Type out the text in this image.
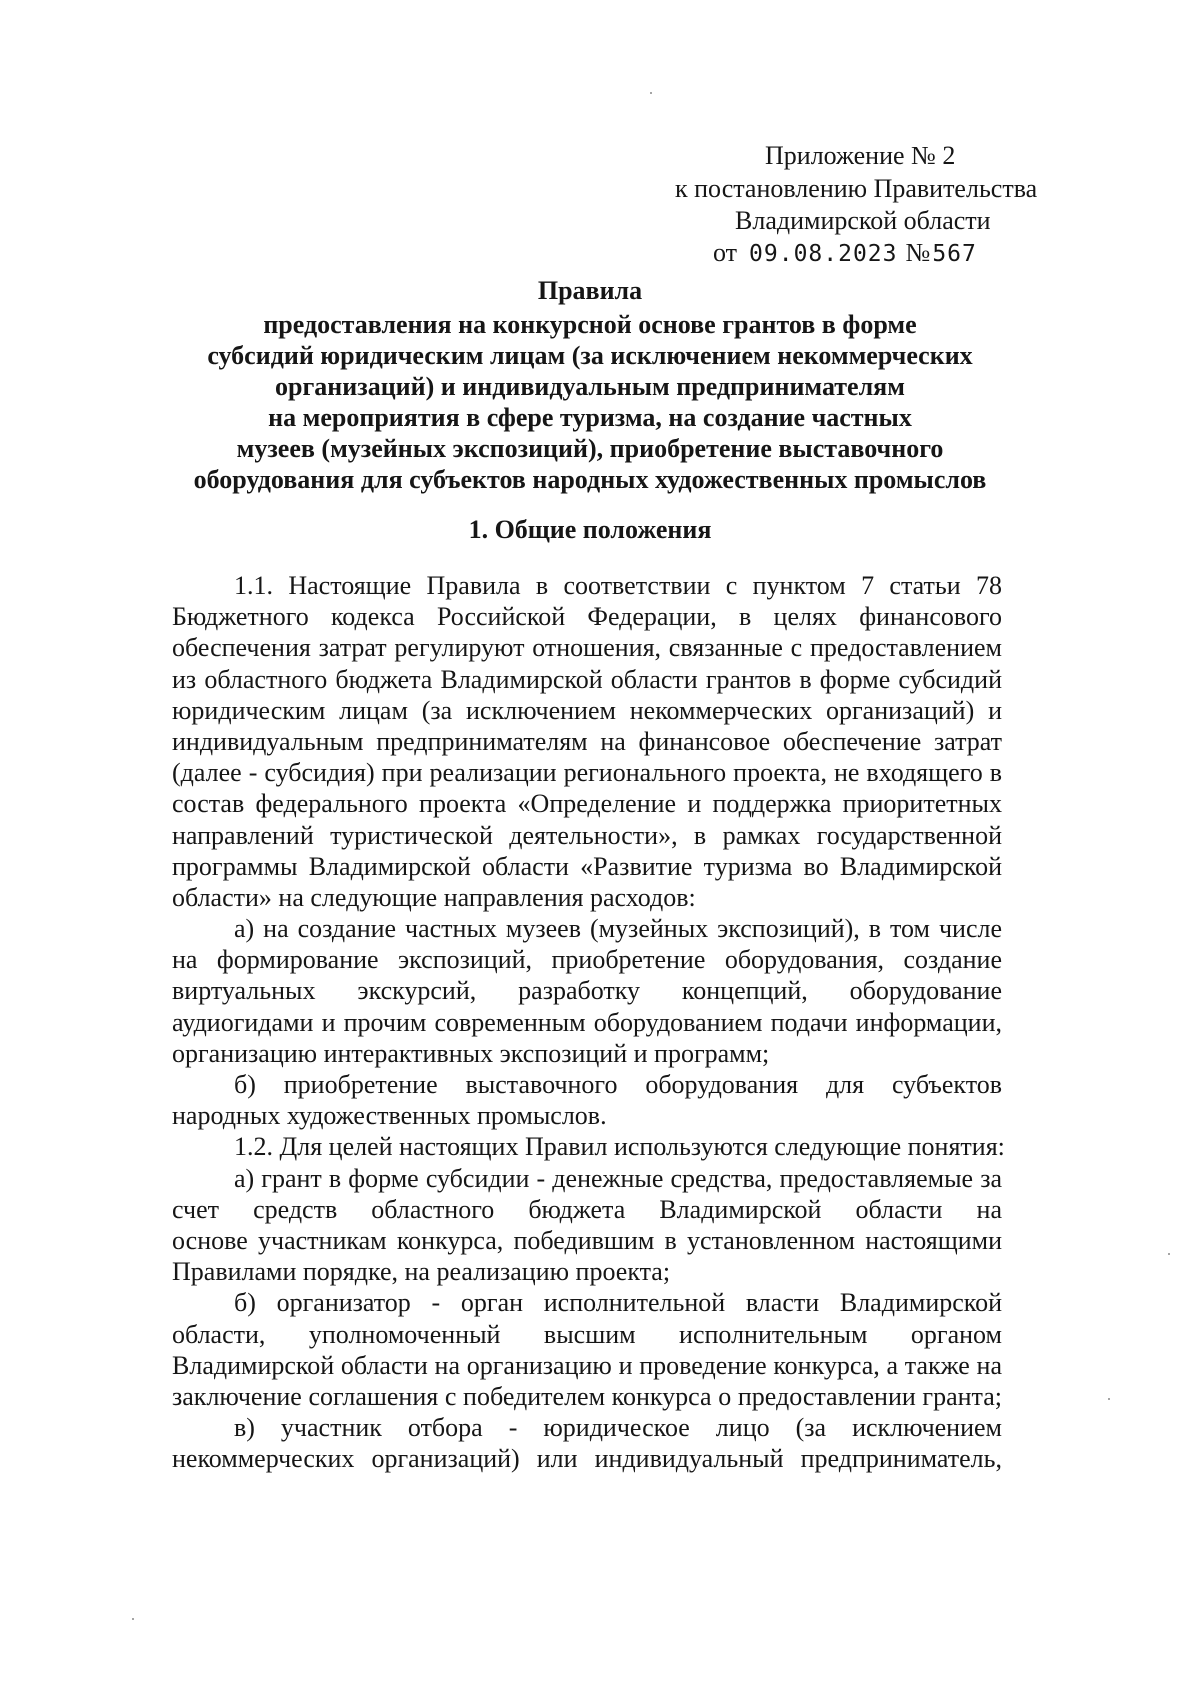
Приложение № 2
к постановлению Правительства
Владимирской области
от 09.08.2023 №567
Правила
предоставления на конкурсной основе грантов в форме
субсидий юридическим лицам (за исключением некоммерческих
организаций) и индивидуальным предпринимателям
на мероприятия в сфере туризма, на создание частных
музеев (музейных экспозиций), приобретение выставочного
оборудования для субъектов народных художественных промыслов
1. Общие положения
1.1. Настоящие Правила в соответствии с пунктом 7 статьи 78
Бюджетного кодекса Российской Федерации, в целях финансового
обеспечения затрат регулируют отношения, связанные с предоставлением
из областного бюджета Владимирской области грантов в форме субсидий
юридическим лицам (за исключением некоммерческих организаций) и
индивидуальным предпринимателям на финансовое обеспечение затрат
(далее - субсидия) при реализации регионального проекта, не входящего в
состав федерального проекта «Определение и поддержка приоритетных
направлений туристической деятельности», в рамках государственной
программы Владимирской области «Развитие туризма во Владимирской
области» на следующие направления расходов:
а) на создание частных музеев (музейных экспозиций), в том числе
на формирование экспозиций, приобретение оборудования, создание
виртуальных экскурсий, разработку концепций, оборудование
аудиогидами и прочим современным оборудованием подачи информации,
организацию интерактивных экспозиций и программ;
б) приобретение выставочного оборудования для субъектов
народных художественных промыслов.
1.2. Для целей настоящих Правил используются следующие понятия:
а) грант в форме субсидии - денежные средства, предоставляемые за
счет средств областного бюджета Владимирской области на
основе участникам конкурса, победившим в установленном настоящими
Правилами порядке, на реализацию проекта;
б) организатор - орган исполнительной власти Владимирской
области, уполномоченный высшим исполнительным органом
Владимирской области на организацию и проведение конкурса, а также на
заключение соглашения с победителем конкурса о предоставлении гранта;
в) участник отбора - юридическое лицо (за исключением
некоммерческих организаций) или индивидуальный предприниматель,
